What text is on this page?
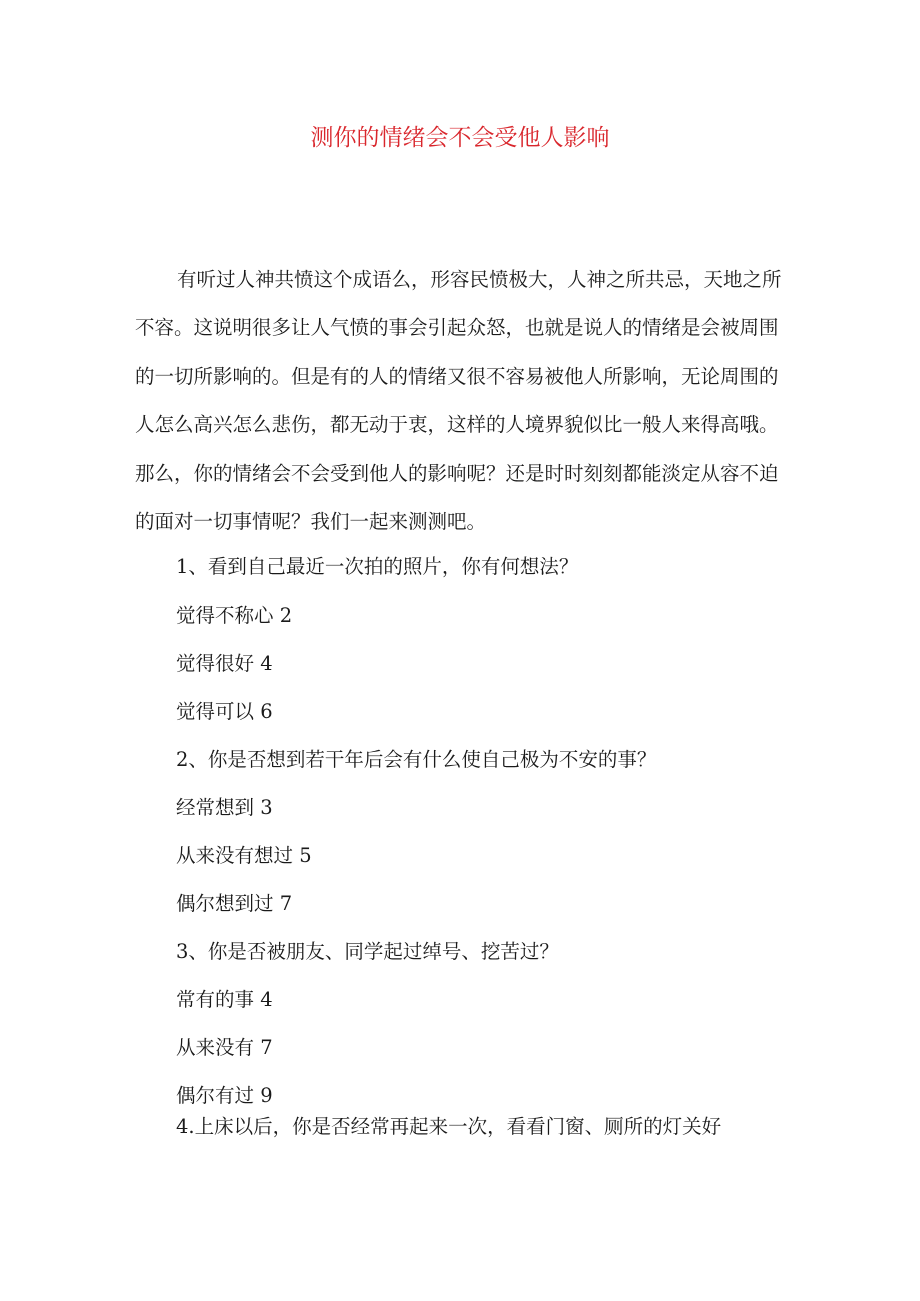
测你的情绪会不会受他人影响
有听过人神共愤这个成语么，形容民愤极大，人神之所共忌，天地之所
不容。这说明很多让人气愤的事会引起众怒，也就是说人的情绪是会被周围
的一切所影响的。但是有的人的情绪又很不容易被他人所影响，无论周围的
人怎么高兴怎么悲伤，都无动于衷，这样的人境界貌似比一般人来得高哦。
那么，你的情绪会不会受到他人的影响呢？还是时时刻刻都能淡定从容不迫
的面对一切事情呢？我们一起来测测吧。

1、看到自己最近一次拍的照片，你有何想法？

觉得不称心 2

觉得很好 4

觉得可以 6

2、你是否想到若干年后会有什么使自己极为不安的事？

经常想到 3

从来没有想过 5

偶尔想到过 7

3、你是否被朋友、同学起过绰号、挖苦过？

常有的事 4

从来没有 7

偶尔有过 9

4.上床以后，你是否经常再起来一次，看看门窗、厕所的灯关好
